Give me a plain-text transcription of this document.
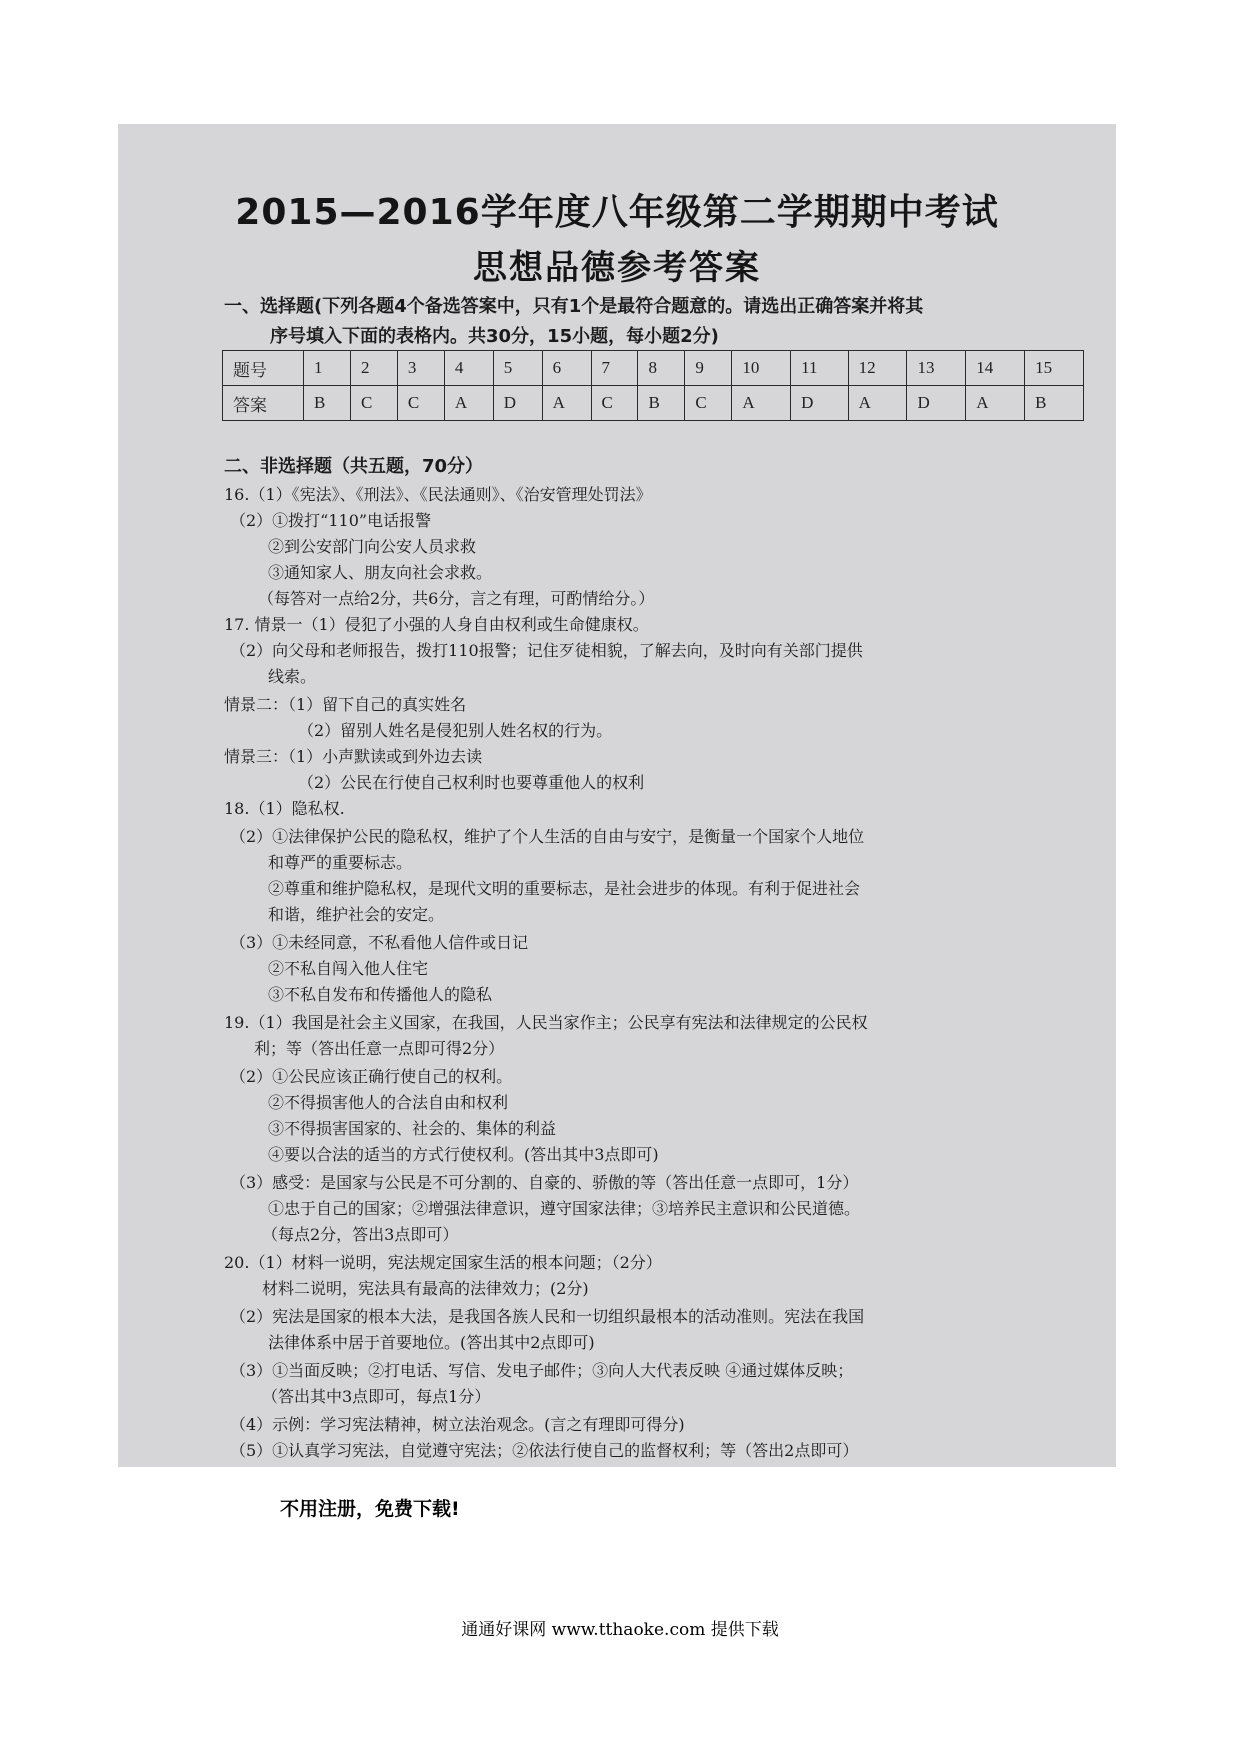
2015—2016学年度八年级第二学期期中考试
思想品德参考答案
一、选择题(下列各题4个备选答案中，只有1个是最符合题意的。请选出正确答案并将其
序号填入下面的表格内。共30分，15小题，每小题2分)
题号	1	2	3	4	5	6	7	8	9	10	11	12	13	14	15
答案	B	C	C	A	D	A	C	B	C	A	D	A	D	A	B
二、非选择题（共五题，70分）
16.（1）《宪法》、《刑法》、《民法通则》、《治安管理处罚法》
（2）①拨打“110”电话报警
②到公安部门向公安人员求救
③通知家人、朋友向社会求救。
（每答对一点给2分，共6分，言之有理，可酌情给分。）
17. 情景一（1）侵犯了小强的人身自由权利或生命健康权。
（2）向父母和老师报告，拨打110报警；记住歹徒相貌，了解去向，及时向有关部门提供
线索。
情景二：（1）留下自己的真实姓名
（2）留别人姓名是侵犯别人姓名权的行为。
情景三：（1）小声默读或到外边去读
（2）公民在行使自己权利时也要尊重他人的权利
18.（1）隐私权.
（2）①法律保护公民的隐私权，维护了个人生活的自由与安宁，是衡量一个国家个人地位
和尊严的重要标志。
②尊重和维护隐私权，是现代文明的重要标志，是社会进步的体现。有利于促进社会
和谐，维护社会的安定。
（3）①未经同意，不私看他人信件或日记
②不私自闯入他人住宅
③不私自发布和传播他人的隐私
19.（1）我国是社会主义国家，在我国，人民当家作主；公民享有宪法和法律规定的公民权
利；等（答出任意一点即可得2分）
（2）①公民应该正确行使自己的权利。
②不得损害他人的合法自由和权利
③不得损害国家的、社会的、集体的利益
④要以合法的适当的方式行使权利。(答出其中3点即可)
（3）感受：是国家与公民是不可分割的、自豪的、骄傲的等（答出任意一点即可，1分）
①忠于自己的国家；②增强法律意识，遵守国家法律；③培养民主意识和公民道德。
（每点2分，答出3点即可）
20.（1）材料一说明，宪法规定国家生活的根本问题；（2分）
材料二说明，宪法具有最高的法律效力；(2分)
（2）宪法是国家的根本大法，是我国各族人民和一切组织最根本的活动准则。宪法在我国
法律体系中居于首要地位。(答出其中2点即可)
（3）①当面反映；②打电话、写信、发电子邮件；③向人大代表反映 ④通过媒体反映；
（答出其中3点即可，每点1分）
（4）示例：学习宪法精神，树立法治观念。(言之有理即可得分)
（5）①认真学习宪法，自觉遵守宪法；②依法行使自己的监督权利；等（答出2点即可）
不用注册，免费下载!
通通好课网 www.tthaoke.com 提供下载
